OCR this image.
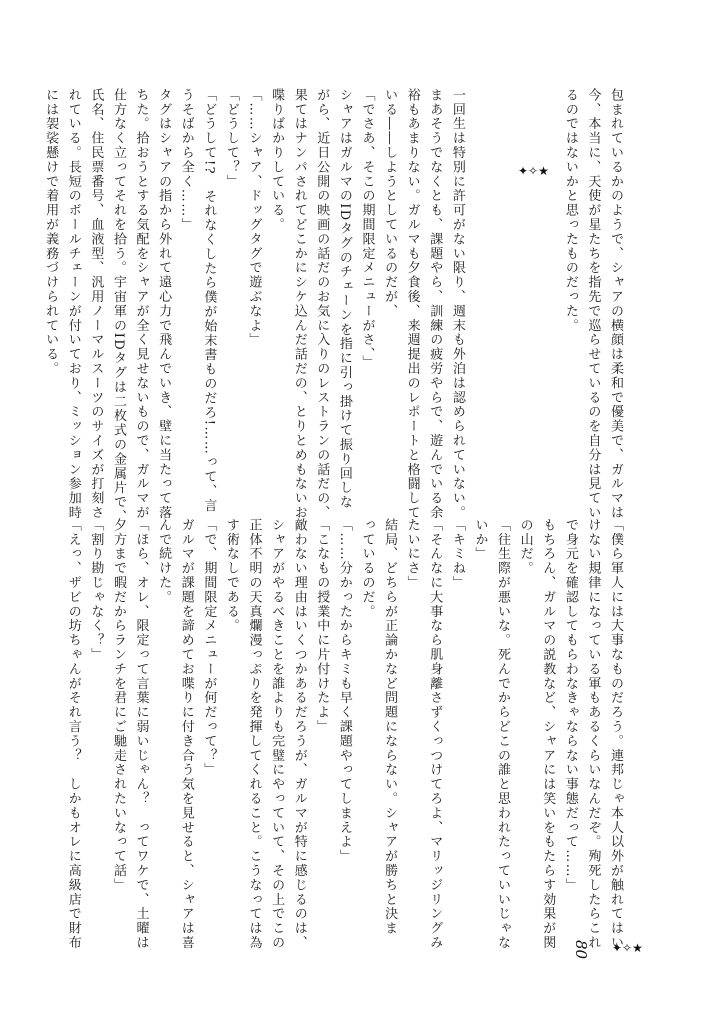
包まれているかのようで、シャアの横顔は柔和で優美で、ガルマは

今、本当に、天使が星たちを指先で巡らせているのを自分は見てい

るのではないかと思ったものだった。

一回生は特別に許可がない限り、週末も外泊は認められていない。

まあそうでなくとも、課題やら、訓練の疲労やらで、遊んでいる余

裕もあまりない。ガルマも夕食後、来週提出のレポートと格闘して

いる――しようとしているのだが、

「でさあ、そこの期間限定メニューがさ、」

シャアはガルマのIDタグのチェーンを指に引っ掛けて振り回しな

がら、近日公開の映画の話だのお気に入りのレストランの話だの、

果てはナンパされてどこかにシケ込んだ話だの、とりとめもないお

喋りばかりしている。

「……シャア、ドッグタグで遊ぶなよ」

「どうして？」

「どうして!?　それなくしたら僕が始末書ものだろ!……って、言

うそばから全く……」

タグはシャアの指から外れて遠心力で飛んでいき、壁に当たって落

ちた。拾おうとする気配をシャアが全く見せないもので、ガルマが

仕方なく立ってそれを拾う。宇宙軍のIDタグは二枚式の金属片で、

氏名、住民票番号、血液型、汎用ノーマルスーツのサイズが打刻さ

れている。長短のボールチェーンが付いており、ミッション参加時

には袈裟懸けで着用が義務づけられている。	✦✧★

「僕ら軍人には大事なものだろう。連邦じゃ本人以外が触れてはい

けない規律になっている軍もあるくらいなんだぞ。殉死したらこれ

で身元を確認してもらわなきゃならない事態だって……」

もちろん、ガルマの説教など、シャアには笑いをもたらす効果が関

の山だ。

「往生際が悪いな。死んでからどこの誰と思われたっていいじゃな

いか」

「キミね」

「そんなに大事なら肌身離さずくっつけてろよ、マリッジリングみ

たいにさ」

結局、どちらが正論かなど問題にならない。シャアが勝ちと決ま

っているのだ。

「……分かったからキミも早く課題やってしまえよ」

「こなもの授業中に片付けたよ」

敵わない理由はいくつかあるだろうが、ガルマが特に感じるのは、

シャアがやるべきことを誰よりも完璧にやっていて、その上でこの

正体不明の天真爛漫っぷりを発揮してくれること。こうなっては為

す術なしである。

「で、期間限定メニューが何だって？」

ガルマが課題を諦めてお喋りに付き合う気を見せると、シャアは喜

んで続けた。

「ほら、オレ、限定って言葉に弱いじゃん？　ってワケで、土曜は

夕方まで暇だからランチを君にご馳走されたいなって話」

「割り勘じゃなく？」

「えっ、ザビの坊ちゃんがそれ言う？　しかもオレに高級店で財布	80 ✦✧★
